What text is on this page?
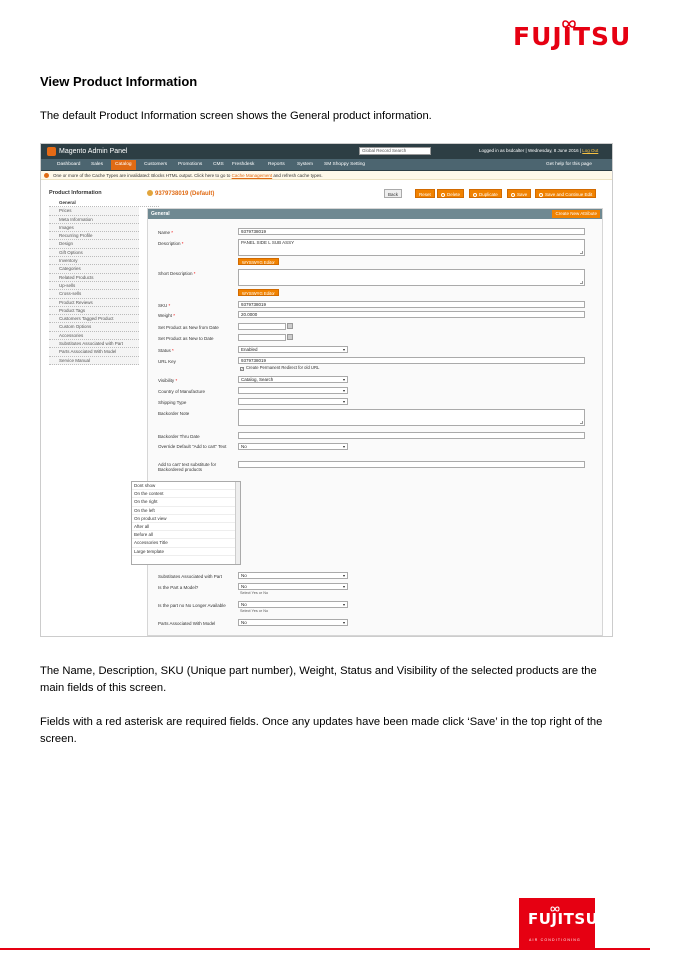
FUJITSU
View Product Information
The default Product Information screen shows the General product information.
Magento Admin Panel	Global Record Search	Logged in as bsdcalter | Wednesday, 8 June 2016 | Log Out
Dashboard Sales	Catalog	Customers Promotions CMS Freshdesk	Reports	System SM Shoppy Setting	Get help for this page
One or more of the Cache Types are invalidated: Blocks HTML output. Click here to go to Cache Management and refresh cache types.
Product Information
General
Prices
Meta Information
Images
Recurring Profile
Design
Gift Options
Inventory
Categories
Related Products
Up-sells
Cross-sells
Product Reviews
Product Tags
Customers Tagged Product
Custom Options
Accessories
Substitutes Associated with Part
Parts Associated With Model
Service Manual
9379738019 (Default)	Back	Reset	Delete	Duplicate	Save	Save and Continue Edit
General	Create New Attribute
Name *	9379738019
Description *	PANEL SIDE L SUB ASSY
WYSIWYG Editor
Short Description *
WYSIWYG Editor
SKU *	9379738019
Weight *	20.0000
Set Product as New from Date
Set Product as New to Date
Status *	Enabled	▾
URL Key	9379738019
✓ Create Permanent Redirect for old URL
Visibility *	Catalog, Search	▾
Country of Manufacture	▾
Shipping Type	▾
Backorder Note
Backorder Thru Date
Override Default "Add to cart" Text	No	▾
Add to cart' text substitute for Backordered products
Dont show
On the content
On the right
On the left
On product view
After all
Before all
Accessories Title
Large template
Substitutes Associated with Part	No	▾
Is the Part a Model?	No	▾
Select Yes or No
Is the part no No Longer Available	No	▾
Select Yes or No
Parts Associated With Model	No	▾
The Name, Description, SKU (Unique part number), Weight, Status and Visibility of the selected products are the
main fields of this screen.
Fields with a red asterisk are required fields. Once any updates have been made click ‘Save’ in the top right of the
screen.
FUJITSU
AIR CONDITIONING
